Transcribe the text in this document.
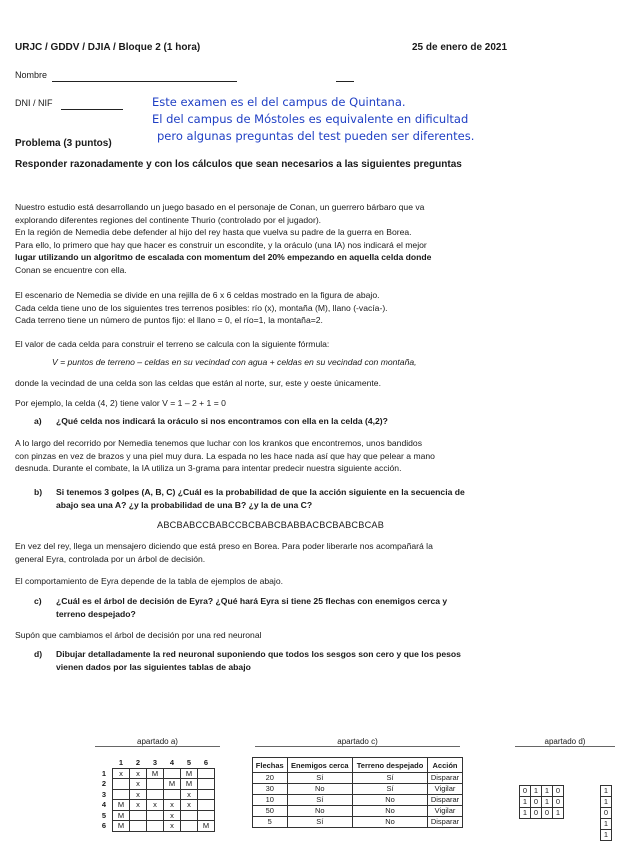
URJC / GDDV / DJIA / Bloque 2 (1 hora)	25 de enero de 2021
Nombre
DNI / NIF	Este examen es el del campus de Quintana.
El del campus de Móstoles es equivalente en dificultad
pero algunas preguntas del test pueden ser diferentes.
Problema (3 puntos)
Responder razonadamente y con los cálculos que sean necesarios a las siguientes preguntas
Nuestro estudio está desarrollando un juego basado en el personaje de Conan, un guerrero bárbaro que va
explorando diferentes regiones del continente Thurio (controlado por el jugador).
En la región de Nemedia debe defender al hijo del rey hasta que vuelva su padre de la guerra en Borea.
Para ello, lo primero que hay que hacer es construir un escondite, y la oráculo (una IA) nos indicará el mejor
lugar utilizando un algoritmo de escalada con momentum del 20% empezando en aquella celda donde
Conan se encuentre con ella.
El escenario de Nemedia se divide en una rejilla de 6 x 6 celdas mostrado en la figura de abajo.
Cada celda tiene uno de los siguientes tres terrenos posibles: río (x), montaña (M), llano (-vacía-).
Cada terreno tiene un número de puntos fijo: el llano = 0, el río=1, la montaña=2.
El valor de cada celda para construir el terreno se calcula con la siguiente fórmula:
V = puntos de terreno – celdas en su vecindad con agua + celdas en su vecindad con montaña,
donde la vecindad de una celda son las celdas que están al norte, sur, este y oeste únicamente.
Por ejemplo, la celda (4, 2) tiene valor V = 1 – 2 + 1 = 0
a) ¿Qué celda nos indicará la oráculo si nos encontramos con ella en la celda (4,2)?
A lo largo del recorrido por Nemedia tenemos que luchar con los krankos que encontremos, unos bandidos
con pinzas en vez de brazos y una piel muy dura. La espada no les hace nada así que hay que pelear a mano
desnuda. Durante el combate, la IA utiliza un 3-grama para intentar predecir nuestra siguiente acción.
b) Si tenemos 3 golpes (A, B, C) ¿Cuál es la probabilidad de que la acción siguiente en la secuencia de
abajo sea una A? ¿y la probabilidad de una B? ¿y la de una C?
ABCBABCCBABCCBCBABCBABBACBCBABCBCAB
En vez del rey, llega un mensajero diciendo que está preso en Borea. Para poder liberarle nos acompañará la
general Eyra, controlada por un árbol de decisión.
El comportamiento de Eyra depende de la tabla de ejemplos de abajo.
c) ¿Cuál es el árbol de decisión de Eyra? ¿Qué hará Eyra si tiene 25 flechas con enemigos cerca y
terreno despejado?
Supón que cambiamos el árbol de decisión por una red neuronal
d) Dibujar detalladamente la red neuronal suponiendo que todos los sesgos son cero y que los pesos
vienen dados por las siguientes tablas de abajo
apartado a)	apartado c)	apartado d)
	1	2	3	4	5	6
1	x	x	M		M	
2		x		M	M	
3		x			x	
4	M	x	x	x	x	
5	M			x		
6	M			x		M
Flechas	Enemigos cerca	Terreno despejado	Acción
20	Sí	Sí	Disparar
30	No	Sí	Vigilar
10	Sí	No	Disparar
50	No	No	Vigilar
5	Sí	No	Disparar
0	1	1	0
1	0	1	0
1	0	0	1
1
1
0
1
1
